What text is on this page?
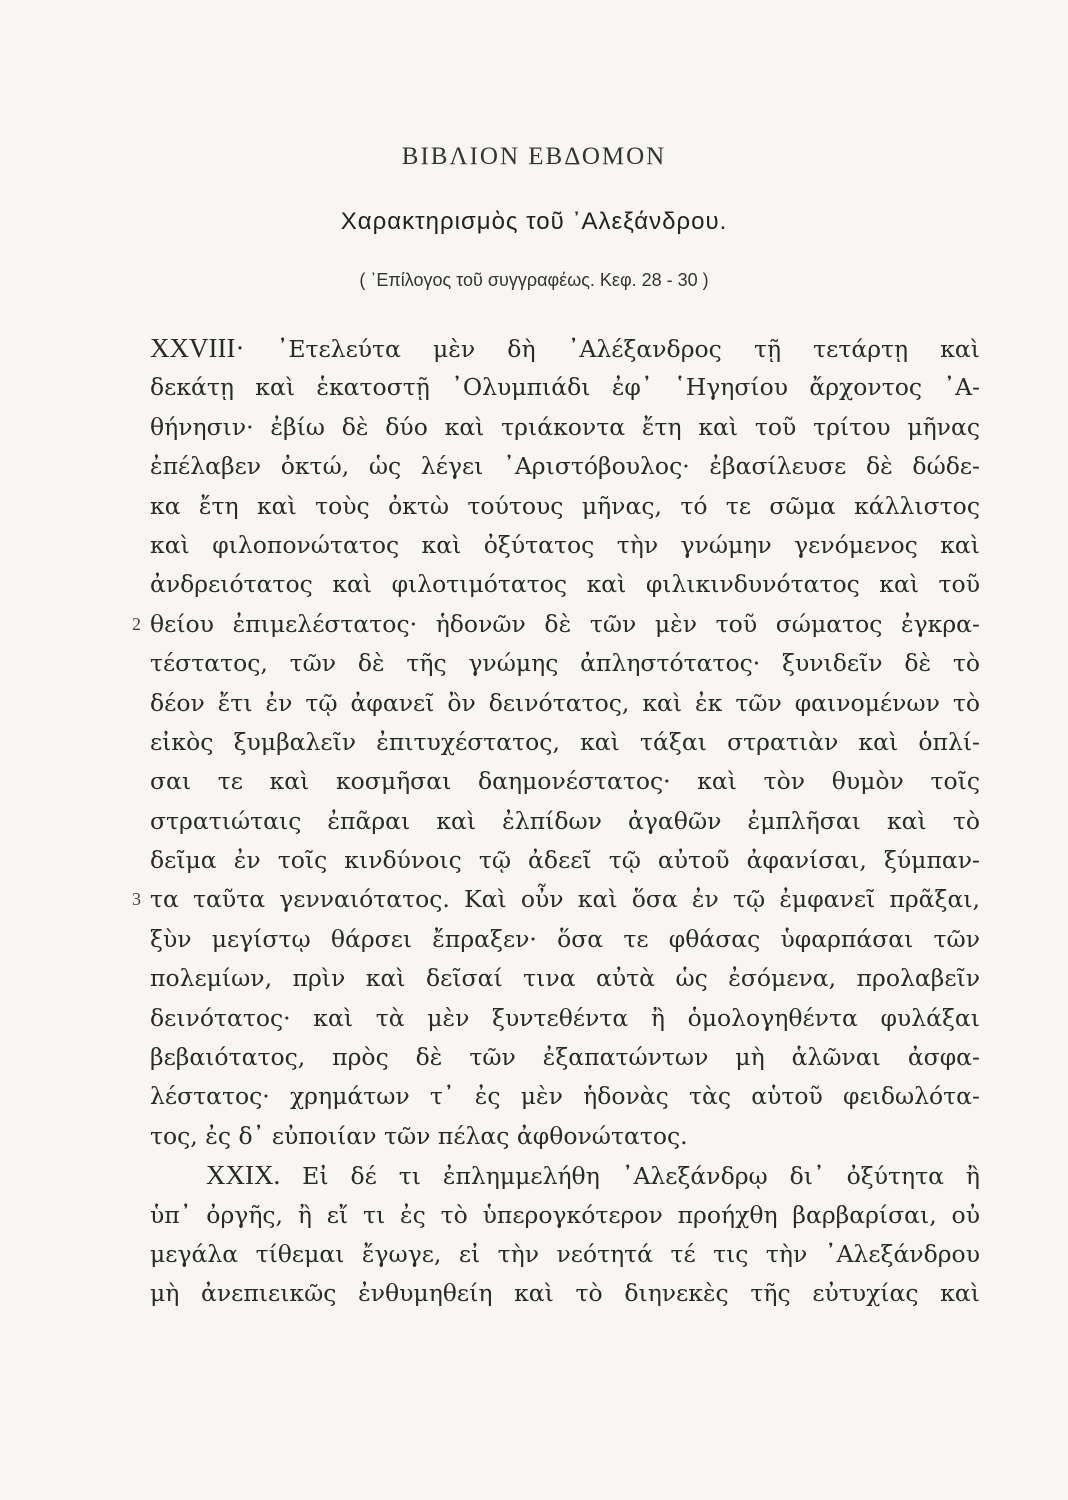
ΒΙΒΛΙΟΝ ΕΒΔΟΜΟΝ
Χαρακτηρισμὸς τοῦ ᾿Αλεξάνδρου.
( ᾿Επίλογος τοῦ συγγραφέως. Κεφ. 28 - 30 )
XXVIII· ᾿Ετελεύτα μὲν δὴ ᾿Αλέξανδρος τῇ τετάρτῃ καὶ
δεκάτῃ καὶ ἑκατοστῇ ᾿Ολυμπιάδι ἐφ᾿ ῾Ηγησίου ἄρχοντος ᾿Α-
θήνησιν· ἐβίω δὲ δύο καὶ τριάκοντα ἔτη καὶ τοῦ τρίτου μῆνας
ἐπέλαβεν ὀκτώ, ὡς λέγει ᾿Αριστόβουλος· ἐβασίλευσε δὲ δώδε-
κα ἔτη καὶ τοὺς ὀκτὼ τούτους μῆνας, τό τε σῶμα κάλλιστος
καὶ φιλοπονώτατος καὶ ὀξύτατος τὴν γνώμην γενόμενος καὶ
ἀνδρειότατος καὶ φιλοτιμότατος καὶ φιλικινδυνότατος καὶ τοῦ
2 θείου ἐπιμελέστατος· ἡδονῶν δὲ τῶν μὲν τοῦ σώματος ἐγκρα-
τέστατος, τῶν δὲ τῆς γνώμης ἀπληστότατος· ξυνιδεῖν δὲ τὸ
δέον ἔτι ἐν τῷ ἀφανεῖ ὂν δεινότατος, καὶ ἐκ τῶν φαινομένων τὸ
εἰκὸς ξυμβαλεῖν ἐπιτυχέστατος, καὶ τάξαι στρατιὰν καὶ ὁπλί-
σαι τε καὶ κοσμῆσαι δαημονέστατος· καὶ τὸν θυμὸν τοῖς
στρατιώταις ἐπᾶραι καὶ ἐλπίδων ἀγαθῶν ἐμπλῆσαι καὶ τὸ
δεῖμα ἐν τοῖς κινδύνοις τῷ ἀδεεῖ τῷ αὐτοῦ ἀφανίσαι, ξύμπαν-
3 τα ταῦτα γενναιότατος. Καὶ οὖν καὶ ὅσα ἐν τῷ ἐμφανεῖ πρᾶξαι,
ξὺν μεγίστῳ θάρσει ἔπραξεν· ὅσα τε φθάσας ὑφαρπάσαι τῶν
πολεμίων, πρὶν καὶ δεῖσαί τινα αὐτὰ ὡς ἐσόμενα, προλαβεῖν
δεινότατος· καὶ τὰ μὲν ξυντεθέντα ἢ ὁμολογηθέντα φυλάξαι
βεβαιότατος, πρὸς δὲ τῶν ἐξαπατώντων μὴ ἁλῶναι ἀσφα-
λέστατος· χρημάτων τ᾿ ἐς μὲν ἡδονὰς τὰς αὑτοῦ φειδωλότα-
τος, ἐς δ᾿ εὐποιίαν τῶν πέλας ἀφθονώτατος.
XXIX. Εἰ δέ τι ἐπλημμελήθη ᾿Αλεξάνδρῳ δι᾿ ὀξύτητα ἢ
ὑπ᾿ ὀργῆς, ἢ εἴ τι ἐς τὸ ὑπερογκότερον προήχθη βαρβαρίσαι, οὐ
μεγάλα τίθεμαι ἔγωγε, εἰ τὴν νεότητά τέ τις τὴν ᾿Αλεξάνδρου
μὴ ἀνεπιεικῶς ἐνθυμηθείη καὶ τὸ διηνεκὲς τῆς εὐτυχίας καὶ
